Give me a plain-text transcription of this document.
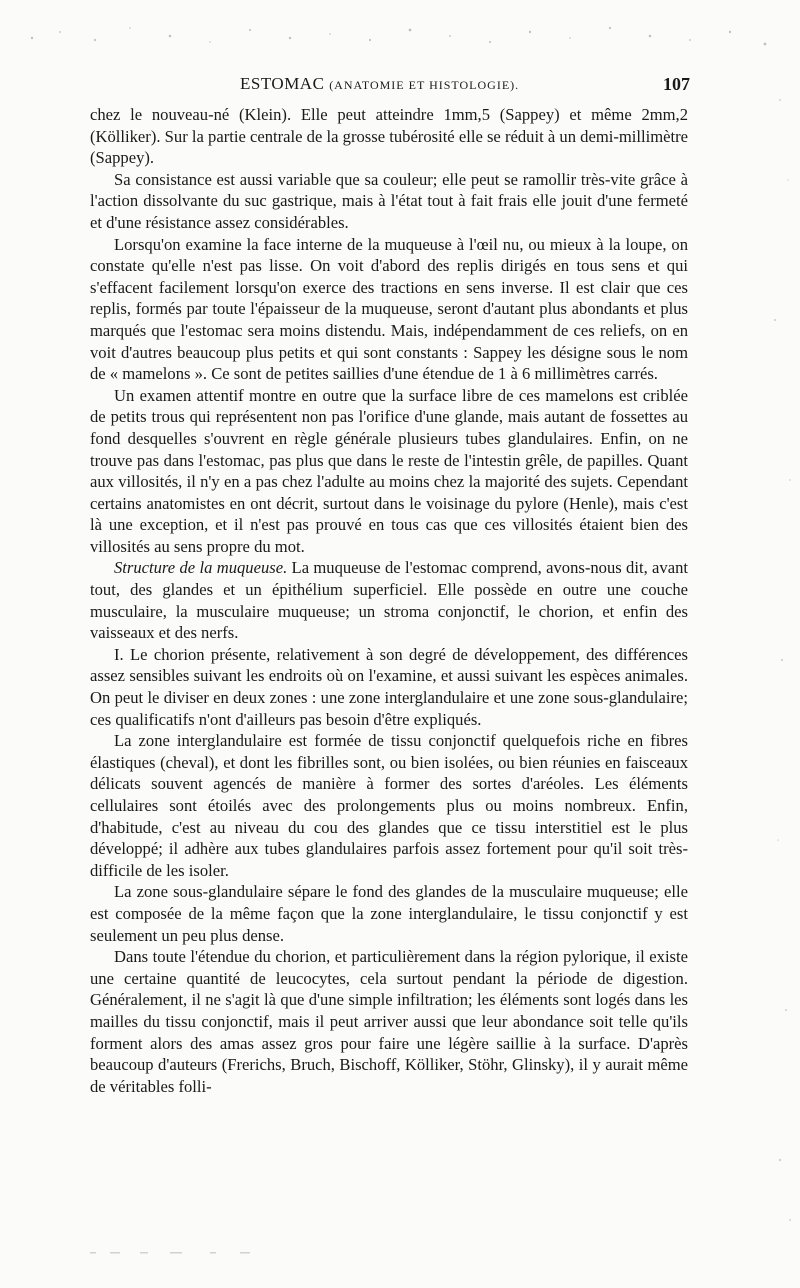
ESTOMAC (ANATOMIE ET HISTOLOGIE).	107

chez le nouveau-né (Klein). Elle peut atteindre 1mm,5 (Sappey) et même 2mm,2 (Kölliker). Sur la partie centrale de la grosse tubérosité elle se réduit à un demi-millimètre (Sappey).

Sa consistance est aussi variable que sa couleur; elle peut se ramollir très-vite grâce à l'action dissolvante du suc gastrique, mais à l'état tout à fait frais elle jouit d'une fermeté et d'une résistance assez considérables.

Lorsqu'on examine la face interne de la muqueuse à l'œil nu, ou mieux à la loupe, on constate qu'elle n'est pas lisse. On voit d'abord des replis dirigés en tous sens et qui s'effacent facilement lorsqu'on exerce des tractions en sens inverse. Il est clair que ces replis, formés par toute l'épaisseur de la muqueuse, seront d'autant plus abondants et plus marqués que l'estomac sera moins distendu. Mais, indépendamment de ces reliefs, on en voit d'autres beaucoup plus petits et qui sont constants : Sappey les désigne sous le nom de « mamelons ». Ce sont de petites saillies d'une étendue de 1 à 6 millimètres carrés.

Un examen attentif montre en outre que la surface libre de ces mamelons est criblée de petits trous qui représentent non pas l'orifice d'une glande, mais autant de fossettes au fond desquelles s'ouvrent en règle générale plusieurs tubes glandulaires. Enfin, on ne trouve pas dans l'estomac, pas plus que dans le reste de l'intestin grêle, de papilles. Quant aux villosités, il n'y en a pas chez l'adulte au moins chez la majorité des sujets. Cependant certains anatomistes en ont décrit, surtout dans le voisinage du pylore (Henle), mais c'est là une exception, et il n'est pas prouvé en tous cas que ces villosités étaient bien des villosités au sens propre du mot.

Structure de la muqueuse. La muqueuse de l'estomac comprend, avons-nous dit, avant tout, des glandes et un épithélium superficiel. Elle possède en outre une couche musculaire, la musculaire muqueuse; un stroma conjonctif, le chorion, et enfin des vaisseaux et des nerfs.

I. Le chorion présente, relativement à son degré de développement, des différences assez sensibles suivant les endroits où on l'examine, et aussi suivant les espèces animales. On peut le diviser en deux zones : une zone interglandulaire et une zone sous-glandulaire; ces qualificatifs n'ont d'ailleurs pas besoin d'être expliqués.

La zone interglandulaire est formée de tissu conjonctif quelquefois riche en fibres élastiques (cheval), et dont les fibrilles sont, ou bien isolées, ou bien réunies en faisceaux délicats souvent agencés de manière à former des sortes d'aréoles. Les éléments cellulaires sont étoilés avec des prolongements plus ou moins nombreux. Enfin, d'habitude, c'est au niveau du cou des glandes que ce tissu interstitiel est le plus développé; il adhère aux tubes glandulaires parfois assez fortement pour qu'il soit très-difficile de les isoler.

La zone sous-glandulaire sépare le fond des glandes de la musculaire muqueuse; elle est composée de la même façon que la zone interglandulaire, le tissu conjonctif y est seulement un peu plus dense.

Dans toute l'étendue du chorion, et particulièrement dans la région pylorique, il existe une certaine quantité de leucocytes, cela surtout pendant la période de digestion. Généralement, il ne s'agit là que d'une simple infiltration; les éléments sont logés dans les mailles du tissu conjonctif, mais il peut arriver aussi que leur abondance soit telle qu'ils forment alors des amas assez gros pour faire une légère saillie à la surface. D'après beaucoup d'auteurs (Frerichs, Bruch, Bischoff, Kölliker, Stöhr, Glinsky), il y aurait même de véritables folli-
